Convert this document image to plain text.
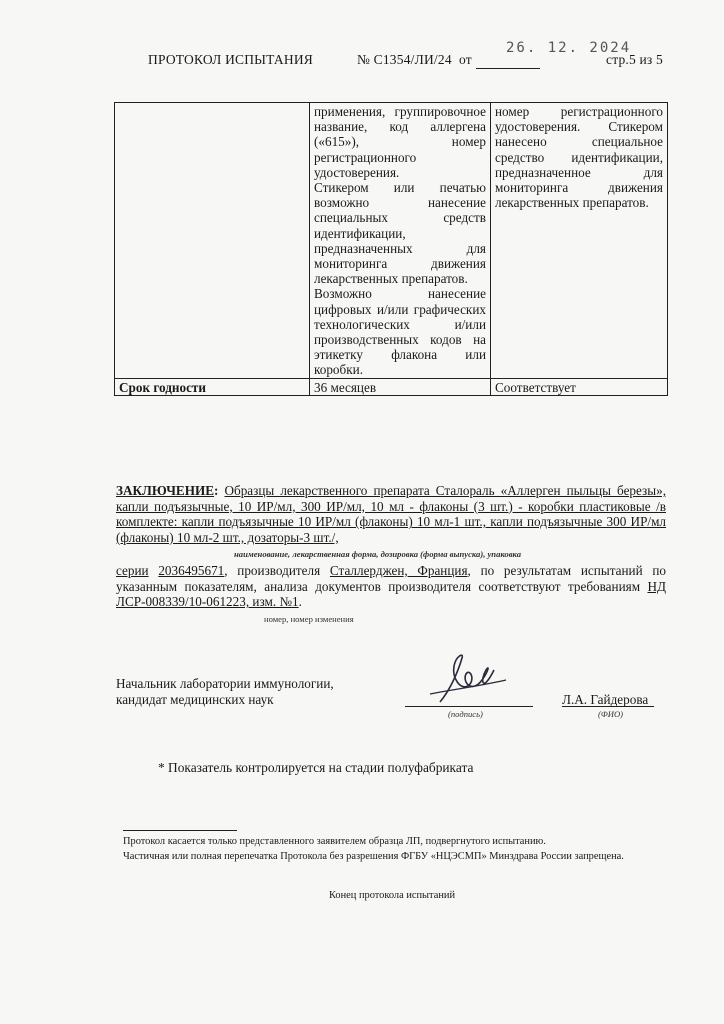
ПРОТОКОЛ ИСПЫТАНИЯ	№ С1354/ЛИ/24 от
26. 12. 2024
стр.5 из 5

	применения, группировочное название, код аллергена («615»), номер регистрационного удостоверения.

Стикером или печатью возможно нанесение специальных средств идентификации, предназначенных для мониторинга движения лекарственных препаратов.

Возможно нанесение цифровых и/или графических технологических и/или производственных кодов на этикетку флакона или коробки.	номер регистрационного удостоверения. Стикером нанесено специальное средство идентификации, предназначенное для мониторинга движения лекарственных препаратов.
Срок годности	36 месяцев	Соответствует
ЗАКЛЮЧЕНИЕ: Образцы лекарственного препарата Сталораль «Аллерген пыльцы березы», капли подъязычные, 10 ИР/мл, 300 ИР/мл, 10 мл - флаконы (3 шт.) - коробки пластиковые /в комплекте: капли подъязычные 10 ИР/мл (флаконы) 10 мл-1 шт., капли подъязычные 300 ИР/мл (флаконы) 10 мл-2 шт., дозаторы-3 шт./,
наименование, лекарственная форма, дозировка (форма выпуска), упаковка
серии 2036495671, производителя Сталлерджен, Франция, по результатам испытаний по указанным показателям, анализа документов производителя соответствуют требованиям НД ЛСР-008339/10-061223, изм. №1.
номер, номер изменения
Начальник лаборатории иммунологии,
кандидат медицинских наук
(подпись)
Л.А. Гайдерова
(ФИО)
* Показатель контролируется на стадии полуфабриката
Протокол касается только представленного заявителем образца ЛП, подвергнутого испытанию.
Частичная или полная перепечатка Протокола без разрешения ФГБУ «НЦЭСМП» Минздрава России запрещена.
Конец протокола испытаний
